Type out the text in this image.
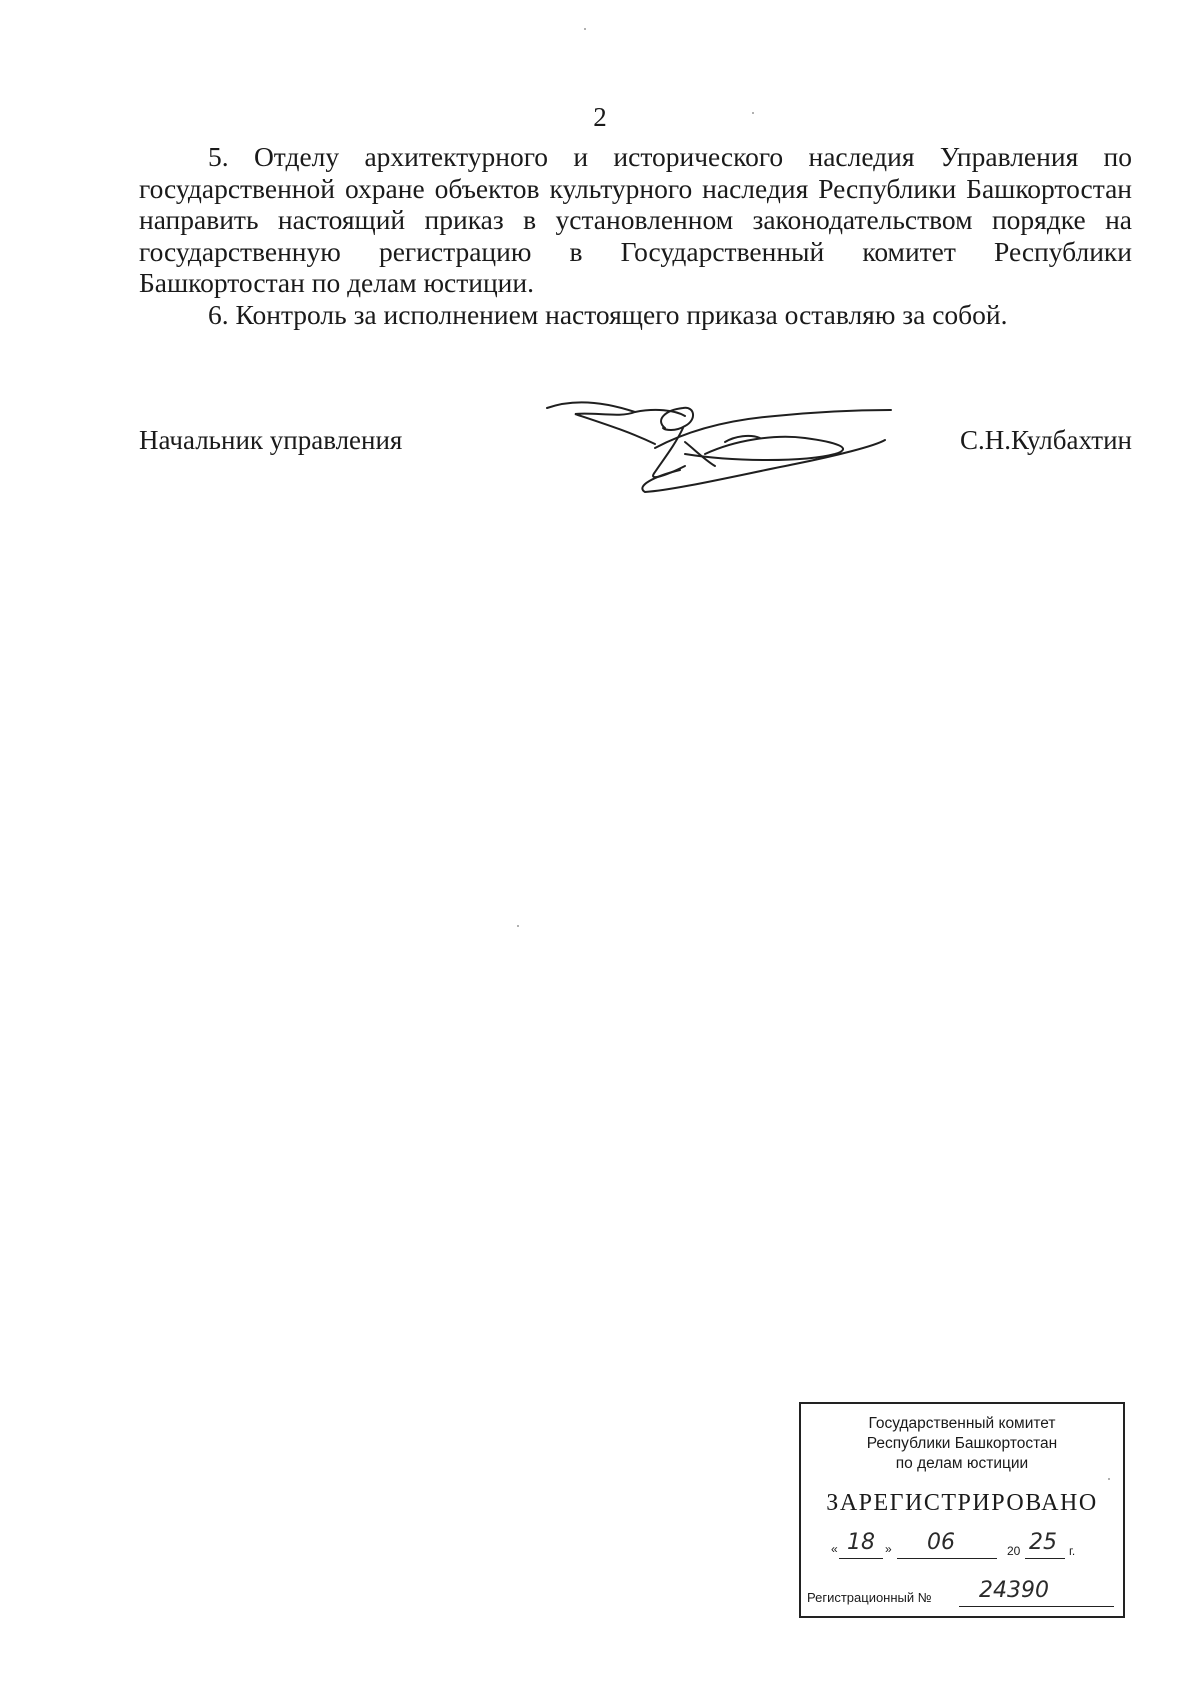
2

5. Отделу архитектурного и исторического наследия Управления по государственной охране объектов культурного наследия Республики Башкортостан направить настоящий приказ в установленном законодательством порядке на государственную регистрацию в Государственный комитет Республики Башкортостан по делам юстиции.

6. Контроль за исполнением настоящего приказа оставляю за собой.

Начальник управления	С.Н.Кулбахтин
Государственный комитет
Республики Башкортостан
по делам юстиции
ЗАРЕГИСТРИРОВАНО
« 18 » 06	20 25 г.
Регистрационный № 24390
